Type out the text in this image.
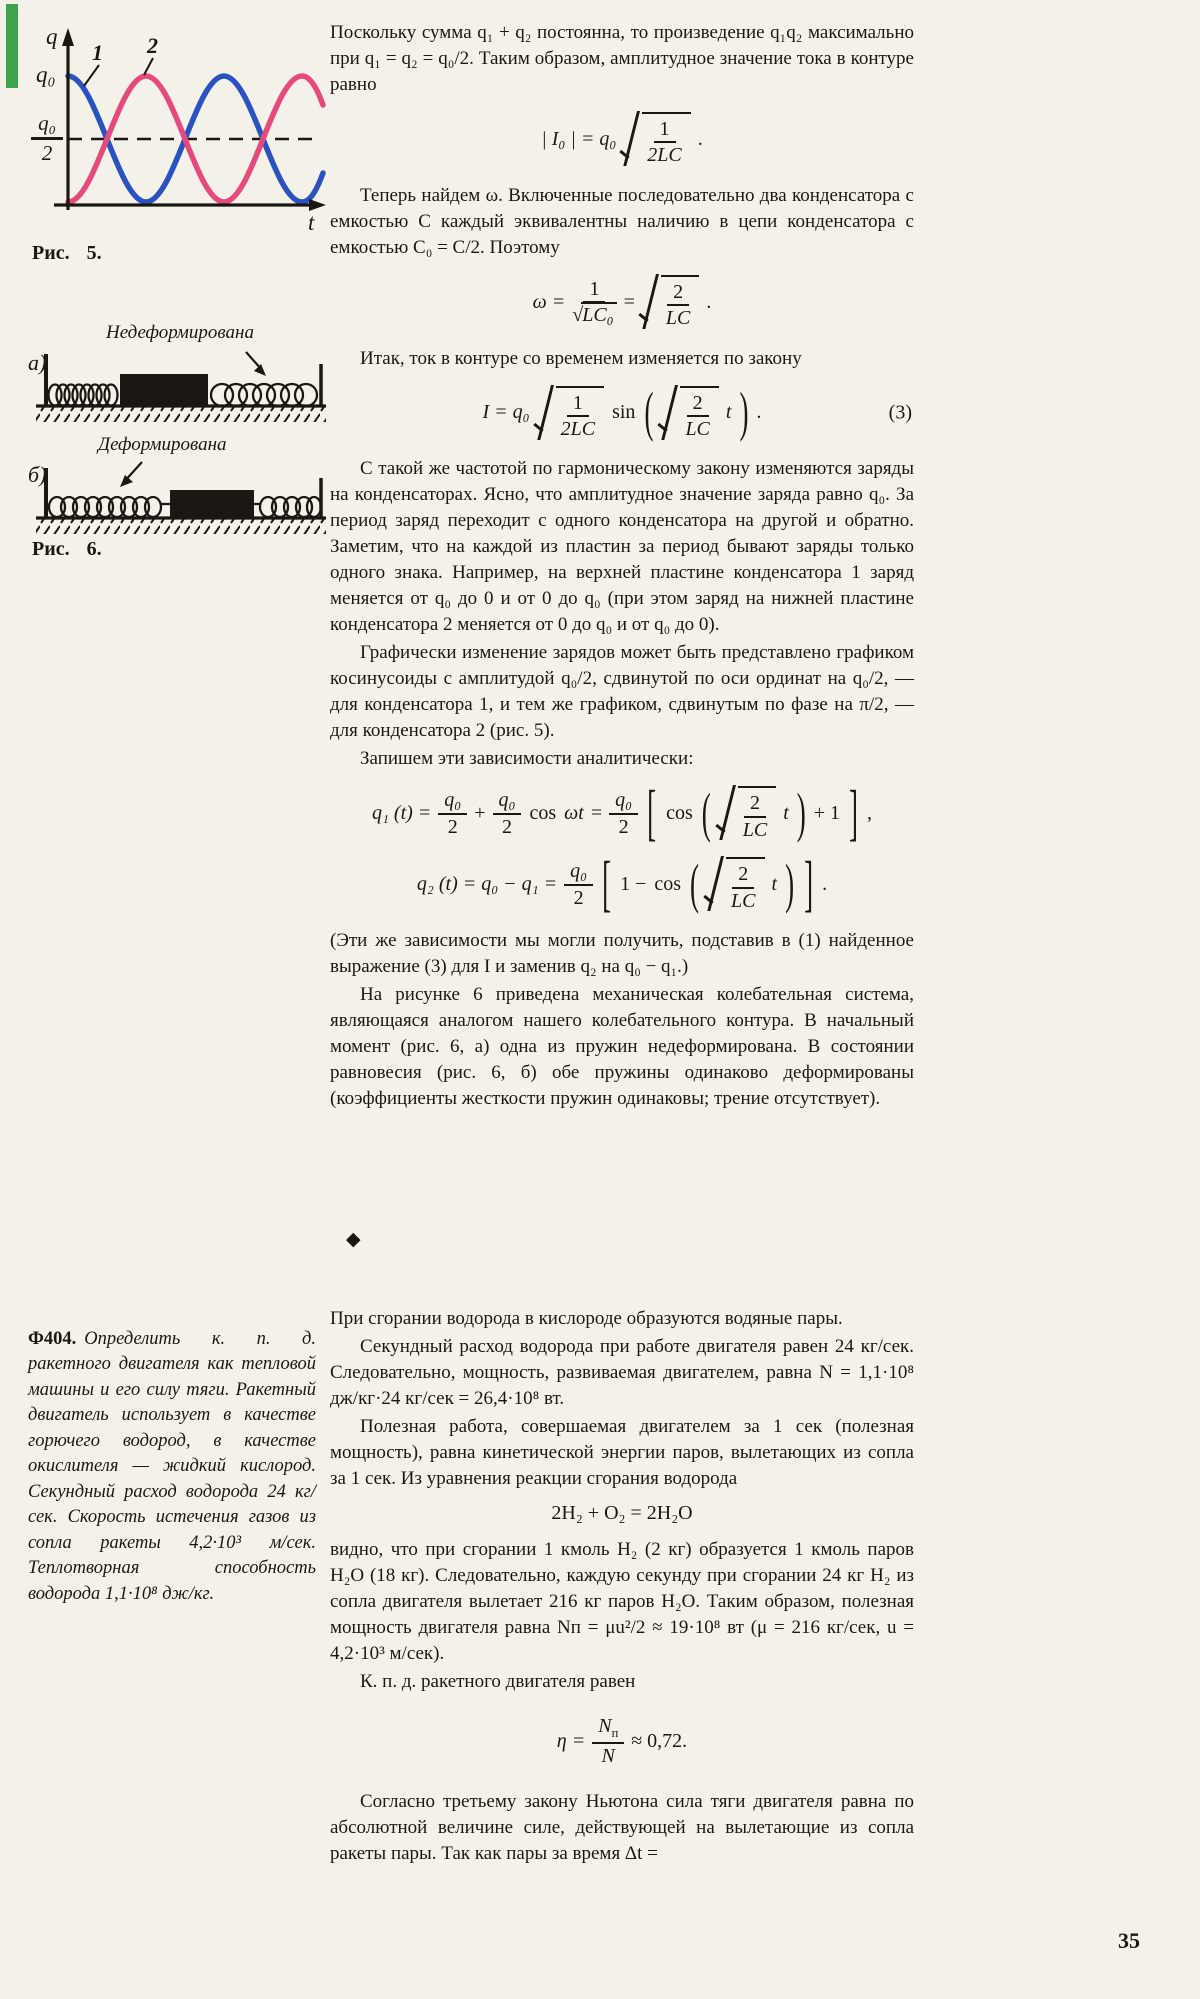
1 2
q
q₀
q₀
2
t
Рис. 5.
Недеформирована
а)
Деформирована
б)
Рис. 6.

Поскольку сумма q₁ + q₂ постоянна, то произведение q₁q₂ максимально при q₁ = q₂ = q₀/2. Таким образом, амплитудное значение тока в контуре равно

| I₀ | = $q_0 \frac{1}{2LC}$ .

Теперь найдем ω. Включенные последовательно два конденсатора с емкостью C каждый эквивалентны наличию в цепи конденсатора с емкостью C₀ = C/2. Поэтому

$\omega = \frac{1}{\text{√LC₀}} = \frac{2}{LC}$ .

Итак, ток в контуре со временем изменяется по закону

$I = q_0 \frac{1}{2LC}$ sin ( $\frac{2}{LC}$ t ) .	(3)

С такой же частотой по гармоническому закону изменяются заряды на конденсаторах. Ясно, что амплитудное значение заряда равно q₀. За период заряд переходит с одного конденсатора на другой и обратно. Заметим, что на каждой из пластин за период бывают заряды только одного знака. Например, на верхней пластине конденсатора 1 заряд меняется от q₀ до 0 и от 0 до q₀ (при этом заряд на нижней пластине конденсатора 2 меняется от 0 до q₀ и от q₀ до 0).

Графически изменение зарядов может быть представлено графиком косинусоиды с амплитудой q₀/2, сдвинутой по оси ординат на q₀/2, — для конденсатора 1, и тем же графиком, сдвинутым по фазе на π/2, — для конденсатора 2 (рис. 5).

Запишем эти зависимости аналитически:

q₁ $(t) = \frac{\text{q₀}}{2} + \frac{\text{q₀}}{2}$ $\cos \omega t = \frac{\text{q₀}}{2}$ [ cos ( $\frac{2}{LC}$ t ) + 1 ] ,
q₂ $(t) = q_0 - q_1 = \frac{\text{q₀}}{2}$ [ 1 − cos ( $\frac{2}{LC}$ t ) ] .

(Эти же зависимости мы могли получить, подставив в (1) найденное выражение (3) для I и заменив q₂ на q₀ − q₁.)

На рисунке 6 приведена механическая колебательная система, являющаяся аналогом нашего колебательного контура. В начальный момент (рис. 6, а) одна из пружин недеформирована. В состоянии равновесия (рис. 6, б) обе пружины одинаково деформированы (коэффициенты жесткости пружин одинаковы; трение отсутствует).

◆

Ф404. Определить к. п. д. ракетного двигателя как тепловой машины и его силу тяги. Ракетный двигатель использует в качестве горючего водород, в качестве окислителя — жидкий кислород. Секундный расход водорода 24 кг/сек. Скорость истечения газов из сопла ракеты 4,2·10³ м/сек. Теплотворная способность водорода 1,1·10⁸ дж/кг.

При сгорании водорода в кислороде образуются водяные пары.

Секундный расход водорода при работе двигателя равен 24 кг/сек. Следовательно, мощность, развиваемая двигателем, равна N = 1,1·10⁸ дж/кг·24 кг/сек = 26,4·10⁸ вт.

Полезная работа, совершаемая двигателем за 1 сек (полезная мощность), равна кинетической энергии паров, вылетающих из сопла за 1 сек. Из уравнения реакции сгорания водорода

2H₂ + O₂ = 2H₂O

видно, что при сгорании 1 кмоль H₂ (2 кг) образуется 1 кмоль паров H₂O (18 кг). Следовательно, каждую секунду при сгорании 24 кг H₂ из сопла двигателя вылетает 216 кг паров H₂O. Таким образом, полезная мощность двигателя равна Nп = μu²/2 ≈ 19·10⁸ вт (μ = 216 кг/сек, u = 4,2·10³ м/сек).

К. п. д. ракетного двигателя равен

$\eta = \frac{N_п}{N} \approx 0,72$.

Согласно третьему закону Ньютона сила тяги двигателя равна по абсолютной величине силе, действующей на вылетающие из сопла ракеты пары. Так как пары за время Δt =

35
